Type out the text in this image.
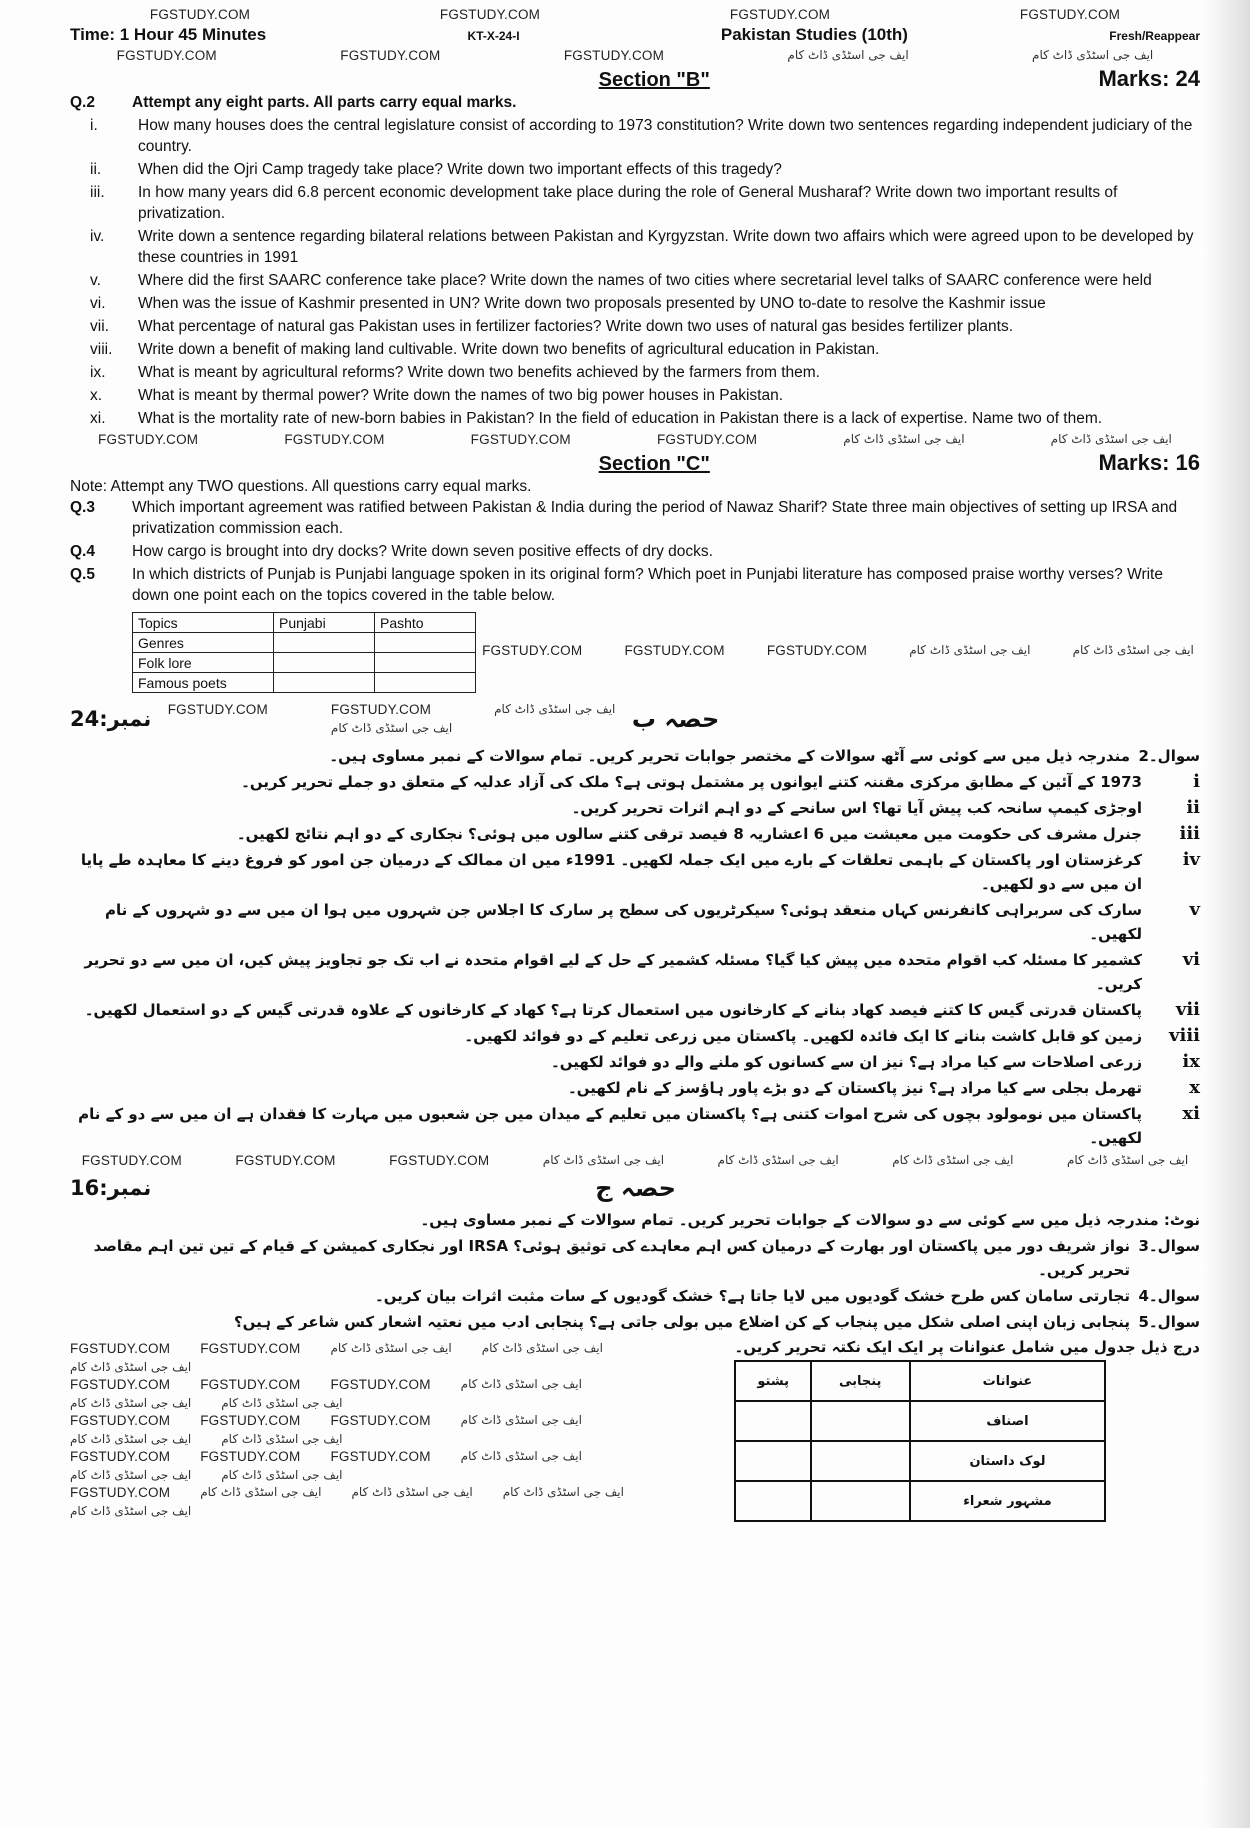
FGSTUDY.COM	FGSTUDY.COM	FGSTUDY.COM	FGSTUDY.COM
Time: 1 Hour 45 Minutes	KT-X-24-I	Pakistan Studies (10th)	Fresh/Reappear
FGSTUDY.COM	FGSTUDY.COM	FGSTUDY.COM	ایف جی اسٹڈی ڈاٹ کام	ایف جی اسٹڈی ڈاٹ کام
Section "B"	Marks: 24
Q.2	Attempt any eight parts. All parts carry equal marks.
i.	How many houses does the central legislature consist of according to 1973 constitution? Write down two sentences regarding independent judiciary of the country.
ii.	When did the Ojri Camp tragedy take place? Write down two important effects of this tragedy?
iii.	In how many years did 6.8 percent economic development take place during the role of General Musharaf? Write down two important results of privatization.
iv.	Write down a sentence regarding bilateral relations between Pakistan and Kyrgyzstan. Write down two affairs which were agreed upon to be developed by these countries in 1991
v.	Where did the first SAARC conference take place? Write down the names of two cities where secretarial level talks of SAARC conference were held
vi.	When was the issue of Kashmir presented in UN? Write down two proposals presented by UNO to-date to resolve the Kashmir issue
vii.	What percentage of natural gas Pakistan uses in fertilizer factories? Write down two uses of natural gas besides fertilizer plants.
viii.	Write down a benefit of making land cultivable. Write down two benefits of agricultural education in Pakistan.
ix.	What is meant by agricultural reforms? Write down two benefits achieved by the farmers from them.
x.	What is meant by thermal power? Write down the names of two big power houses in Pakistan.
xi.	What is the mortality rate of new-born babies in Pakistan? In the field of education in Pakistan there is a lack of expertise. Name two of them.
FGSTUDY.COM	FGSTUDY.COM	FGSTUDY.COM	FGSTUDY.COM	ایف جی اسٹڈی ڈاٹ کام	ایف جی اسٹڈی ڈاٹ کام
Section "C"	Marks: 16
Note: Attempt any TWO questions. All questions carry equal marks.
Q.3	Which important agreement was ratified between Pakistan & India during the period of Nawaz Sharif? State three main objectives of setting up IRSA and privatization commission each.
Q.4	How cargo is brought into dry docks? Write down seven positive effects of dry docks.
Q.5	In which districts of Punjab is Punjabi language spoken in its original form? Which poet in Punjabi literature has composed praise worthy verses? Write down one point each on the topics covered in the table below.
Topics	Punjabi	Pashto
Genres		
Folk lore		
Famous poets		
FGSTUDY.COM	FGSTUDY.COM	FGSTUDY.COM	ایف جی اسٹڈی ڈاٹ کام	ایف جی اسٹڈی ڈاٹ کام
نمبر:24 FGSTUDY.COM	FGSTUDY.COM	ایف جی اسٹڈی ڈاٹ کام
ایف جی اسٹڈی ڈاٹ کام	حصہ ب
سوال۔2
مندرجہ ذیل میں سے کوئی سے آٹھ سوالات کے مختصر جوابات تحریر کریں۔ تمام سوالات کے نمبر مساوی ہیں۔
i
1973 کے آئین کے مطابق مرکزی مقننہ کتنے ایوانوں پر مشتمل ہوتی ہے؟ ملک کی آزاد عدلیہ کے متعلق دو جملے تحریر کریں۔
ii
اوجڑی کیمپ سانحہ کب پیش آیا تھا؟ اس سانحے کے دو اہم اثرات تحریر کریں۔
iii
جنرل مشرف کی حکومت میں معیشت میں 6 اعشاریہ 8 فیصد ترقی کتنے سالوں میں ہوئی؟ نجکاری کے دو اہم نتائج لکھیں۔
iv
کرغزستان اور پاکستان کے باہمی تعلقات کے بارے میں ایک جملہ لکھیں۔ 1991ء میں ان ممالک کے درمیان جن امور کو فروغ دینے کا معاہدہ طے پایا ان میں سے دو لکھیں۔
v
سارک کی سربراہی کانفرنس کہاں منعقد ہوئی؟ سیکرٹریوں کی سطح پر سارک کا اجلاس جن شہروں میں ہوا ان میں سے دو شہروں کے نام لکھیں۔
vi
کشمیر کا مسئلہ کب اقوام متحدہ میں پیش کیا گیا؟ مسئلہ کشمیر کے حل کے لیے اقوام متحدہ نے اب تک جو تجاویز پیش کیں، ان میں سے دو تحریر کریں۔
vii
پاکستان قدرتی گیس کا کتنے فیصد کھاد بنانے کے کارخانوں میں استعمال کرتا ہے؟ کھاد کے کارخانوں کے علاوہ قدرتی گیس کے دو استعمال لکھیں۔
viii
زمین کو قابل کاشت بنانے کا ایک فائدہ لکھیں۔ پاکستان میں زرعی تعلیم کے دو فوائد لکھیں۔
ix
زرعی اصلاحات سے کیا مراد ہے؟ نیز ان سے کسانوں کو ملنے والے دو فوائد لکھیں۔
x
تھرمل بجلی سے کیا مراد ہے؟ نیز پاکستان کے دو بڑے پاور ہاؤسز کے نام لکھیں۔
xi
پاکستان میں نومولود بچوں کی شرح اموات کتنی ہے؟ پاکستان میں تعلیم کے میدان میں جن شعبوں میں مہارت کا فقدان ہے ان میں سے دو کے نام لکھیں۔
FGSTUDY.COM	FGSTUDY.COM	FGSTUDY.COM	ایف جی اسٹڈی ڈاٹ کام	ایف جی اسٹڈی ڈاٹ کام	ایف جی اسٹڈی ڈاٹ کام	ایف جی اسٹڈی ڈاٹ کام
نمبر:16	حصہ ج
نوٹ: مندرجہ ذیل میں سے کوئی سے دو سوالات کے جوابات تحریر کریں۔ تمام سوالات کے نمبر مساوی ہیں۔
سوال۔3
نواز شریف دور میں پاکستان اور بھارت کے درمیان کس اہم معاہدے کی توثیق ہوئی؟ IRSA اور نجکاری کمیشن کے قیام کے تین تین اہم مقاصد تحریر کریں۔
سوال۔4
تجارتی سامان کس طرح خشک گودیوں میں لایا جاتا ہے؟ خشک گودیوں کے سات مثبت اثرات بیان کریں۔
سوال۔5
پنجابی زبان اپنی اصلی شکل میں پنجاب کے کن اضلاع میں بولی جاتی ہے؟ پنجابی ادب میں نعتیہ اشعار کس شاعر کے ہیں؟
FGSTUDY.COM FGSTUDY.COM	ایف جی اسٹڈی ڈاٹ کام	ایف جی اسٹڈی ڈاٹ کام
ایف جی اسٹڈی ڈاٹ کام
FGSTUDY.COM FGSTUDY.COM FGSTUDY.COM	ایف جی اسٹڈی ڈاٹ کام
ایف جی اسٹڈی ڈاٹ کام	ایف جی اسٹڈی ڈاٹ کام
FGSTUDY.COM FGSTUDY.COM FGSTUDY.COM	ایف جی اسٹڈی ڈاٹ کام
ایف جی اسٹڈی ڈاٹ کام	ایف جی اسٹڈی ڈاٹ کام
FGSTUDY.COM FGSTUDY.COM FGSTUDY.COM	ایف جی اسٹڈی ڈاٹ کام
ایف جی اسٹڈی ڈاٹ کام	ایف جی اسٹڈی ڈاٹ کام
FGSTUDY.COM	ایف جی اسٹڈی ڈاٹ کام	ایف جی اسٹڈی ڈاٹ کام	ایف جی اسٹڈی ڈاٹ کام
ایف جی اسٹڈی ڈاٹ کام
درج ذیل جدول میں شامل عنوانات پر ایک ایک نکتہ تحریر کریں۔
عنوانات	پنجابی	پشتو
اصناف		
لوک داستان		
مشہور شعراء		
